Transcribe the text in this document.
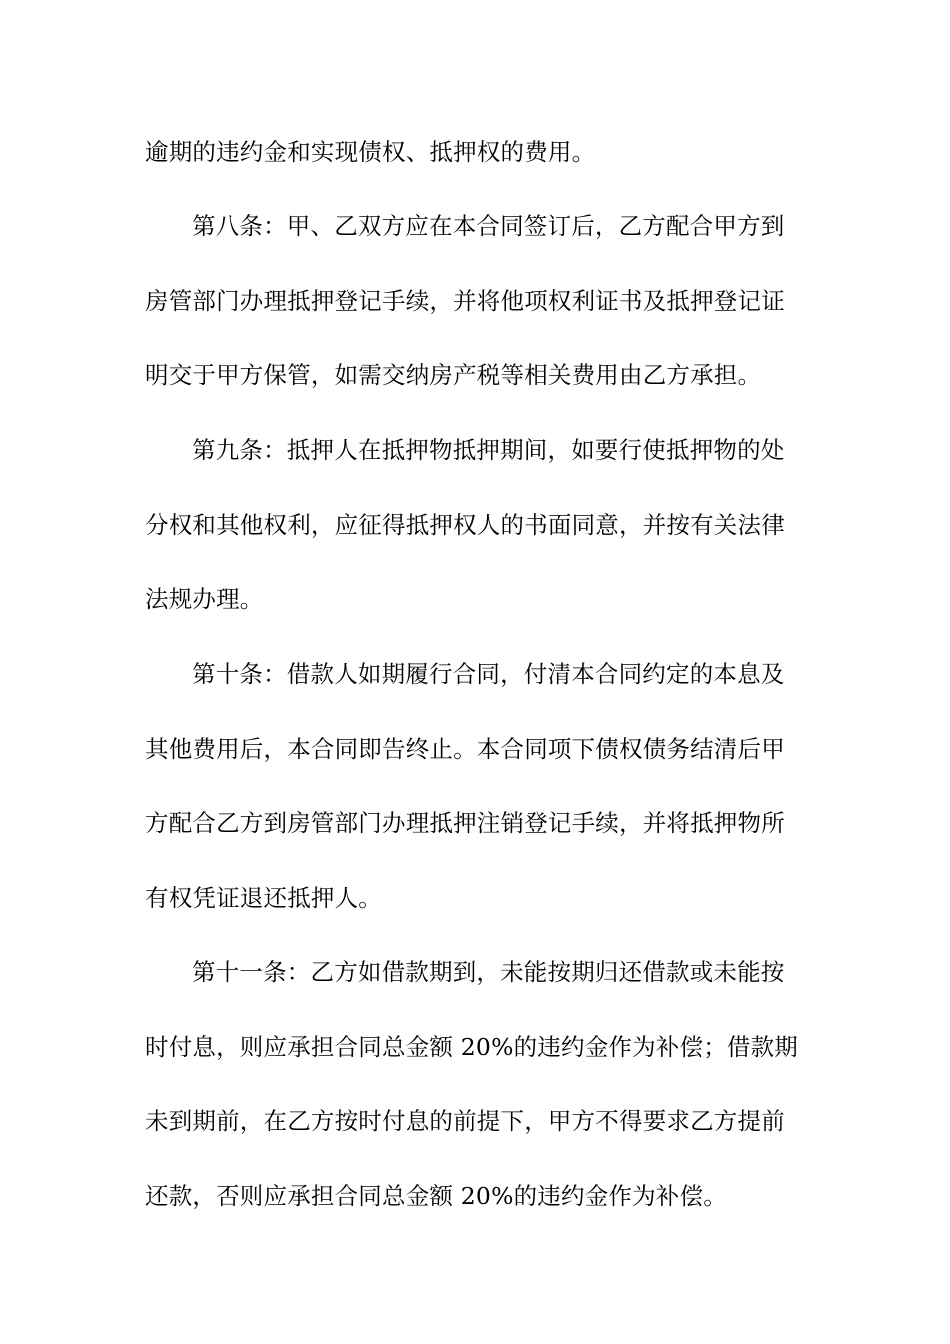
逾期的违约金和实现债权、抵押权的费用。
第八条：甲、乙双方应在本合同签订后，乙方配合甲方到
房管部门办理抵押登记手续，并将他项权利证书及抵押登记证
明交于甲方保管，如需交纳房产税等相关费用由乙方承担。
第九条：抵押人在抵押物抵押期间，如要行使抵押物的处
分权和其他权利，应征得抵押权人的书面同意，并按有关法律
法规办理。
第十条：借款人如期履行合同，付清本合同约定的本息及
其他费用后，本合同即告终止。本合同项下债权债务结清后甲
方配合乙方到房管部门办理抵押注销登记手续，并将抵押物所
有权凭证退还抵押人。
第十一条：乙方如借款期到，未能按期归还借款或未能按
时付息，则应承担合同总金额 20%的违约金作为补偿；借款期
未到期前，在乙方按时付息的前提下，甲方不得要求乙方提前
还款，否则应承担合同总金额 20%的违约金作为补偿。
